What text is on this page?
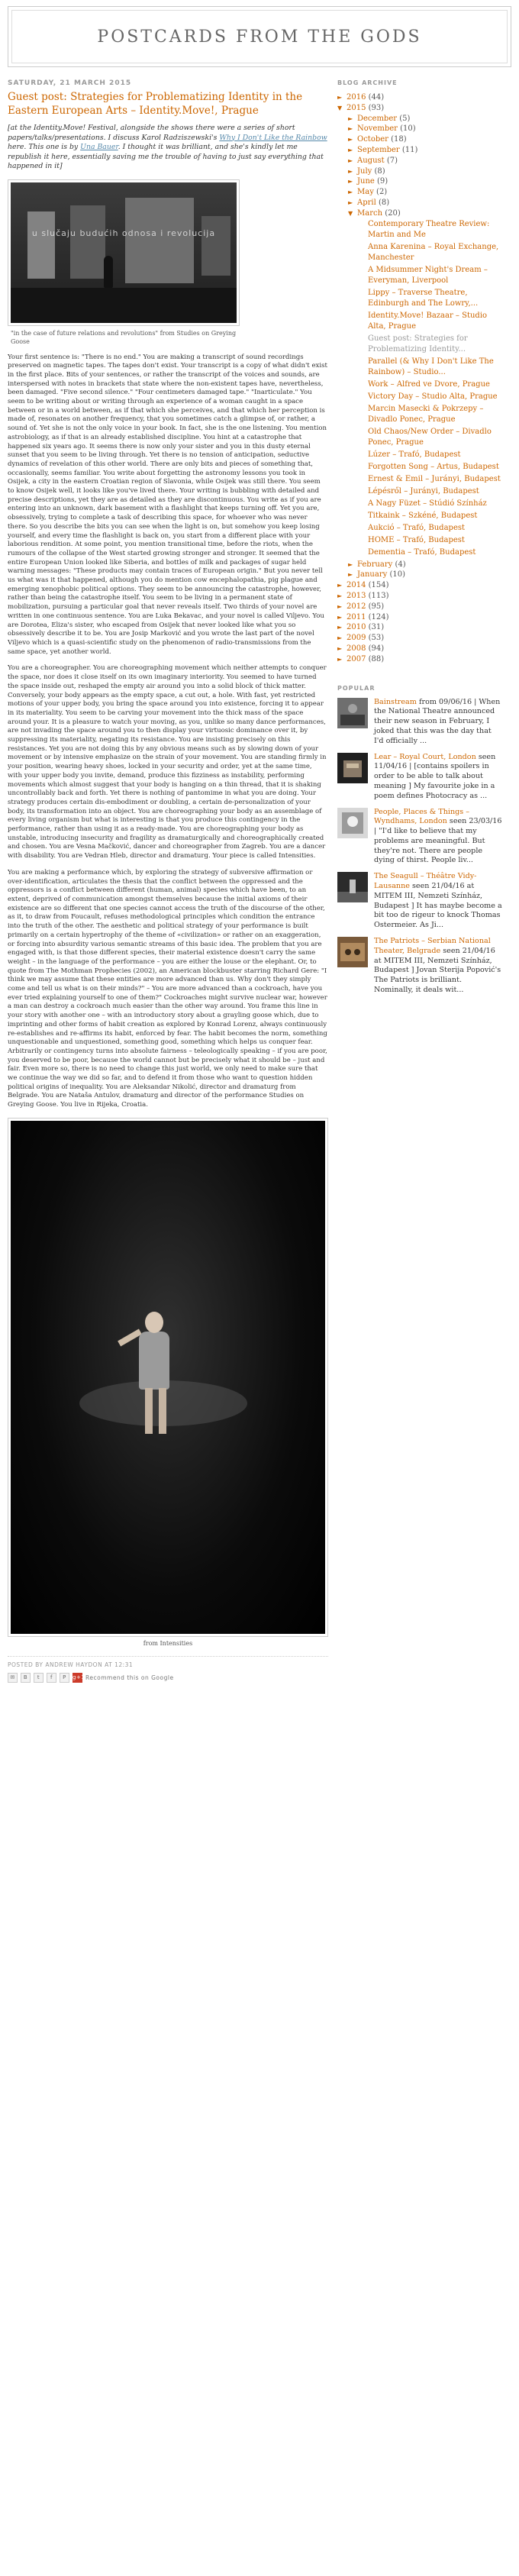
POSTCARDS FROM THE GODS
SATURDAY, 21 MARCH 2015
Guest post: Strategies for Problematizing Identity in the Eastern European Arts – Identity.Move!, Prague

[at the Identity.Move! Festival, alongside the shows there were a series of short papers/talks/presentations. I discuss Karol Radziszewski's Why I Don't Like the Rainbow here. This one is by Una Bauer. I thought it was brilliant, and she's kindly let me republish it here, essentially saving me the trouble of having to just say everything that happened in it]

u slučaju budućih odnosa i revolucija
"in the case of future relations and revolutions" from Studies on Greying Goose

Your first sentence is: "There is no end." You are making a transcript of sound recordings preserved on magnetic tapes. The tapes don't exist. Your transcript is a copy of what didn't exist in the first place. Bits of your sentences, or rather the transcript of the voices and sounds, are interspersed with notes in brackets that state where the non-existent tapes have, nevertheless, been damaged. "Five second silence." "Four centimeters damaged tape." "Inarticulate." You seem to be writing about or writing through an experience of a woman caught in a space between or in a world between, as if that which she perceives, and that which her perception is made of, resonates on another frequency, that you sometimes catch a glimpse of, or rather, a sound of. Yet she is not the only voice in your book. In fact, she is the one listening. You mention astrobiology, as if that is an already established discipline. You hint at a catastrophe that happened six years ago. It seems there is now only your sister and you in this dusty eternal sunset that you seem to be living through. Yet there is no tension of anticipation, seductive dynamics of revelation of this other world. There are only bits and pieces of something that, occasionally, seems familiar. You write about forgetting the astronomy lessons you took in Osijek, a city in the eastern Croatian region of Slavonia, while Osijek was still there. You seem to know Osijek well, it looks like you've lived there. Your writing is bubbling with detailed and precise descriptions, yet they are as detailed as they are discontinuous. You write as if you are entering into an unknown, dark basement with a flashlight that keeps turning off. Yet you are, obsessively, trying to complete a task of describing this space, for whoever who was never there. So you describe the bits you can see when the light is on, but somehow you keep losing yourself, and every time the flashlight is back on, you start from a different place with your laborious rendition. At some point, you mention transitional time, before the riots, when the rumours of the collapse of the West started growing stronger and stronger. It seemed that the entire European Union looked like Siberia, and bottles of milk and packages of sugar held warning messages: "These products may contain traces of European origin." But you never tell us what was it that happened, although you do mention cow encephalopathia, pig plague and emerging xenophobic political options. They seem to be announcing the catastrophe, however, rather than being the catastrophe itself. You seem to be living in a permanent state of mobilization, pursuing a particular goal that never reveals itself. Two thirds of your novel are written in one continuous sentence. You are Luka Bekavac, and your novel is called Viljevo. You are Dorotea, Eliza's sister, who escaped from Osijek that never looked like what you so obsessively describe it to be. You are Josip Marković and you wrote the last part of the novel Viljevo which is a quasi-scientific study on the phenomenon of radio-transmissions from the same space, yet another world.

You are a choreographer. You are choreographing movement which neither attempts to conquer the space, nor does it close itself on its own imaginary interiority. You seemed to have turned the space inside out, reshaped the empty air around you into a solid block of thick matter. Conversely, your body appears as the empty space, a cut out, a hole. With fast, yet restricted motions of your upper body, you bring the space around you into existence, forcing it to appear in its materiality. You seem to be carving your movement into the thick mass of the space around your. It is a pleasure to watch your moving, as you, unlike so many dance performances, are not invading the space around you to then display your virtuosic dominance over it, by suppressing its materiality, negating its resistance. You are insisting precisely on this resistances. Yet you are not doing this by any obvious means such as by slowing down of your movement or by intensive emphasize on the strain of your movement. You are standing firmly in your position, wearing heavy shoes, locked in your security and order, yet at the same time, with your upper body you invite, demand, produce this fizziness as instability, performing movements which almost suggest that your body is hanging on a thin thread, that it is shaking uncontrollably back and forth. Yet there is nothing of pantomime in what you are doing. Your strategy produces certain dis-embodiment or doubling, a certain de-personalization of your body, its transformation into an object. You are choreographing your body as an assemblage of every living organism but what is interesting is that you produce this contingency in the performance, rather than using it as a ready-made. You are choreographing your body as unstable, introducing insecurity and fragility as dramaturgically and choreographically created and chosen. You are Vesna Mačković, dancer and choreographer from Zagreb. You are a dancer with disability. You are Vedran Hleb, director and dramaturg. Your piece is called Intensities.

You are making a performance which, by exploring the strategy of subversive affirmation or over-identification, articulates the thesis that the conflict between the oppressed and the oppressors is a conflict between different (human, animal) species which have been, to an extent, deprived of communication amongst themselves because the initial axioms of their existence are so different that one species cannot access the truth of the discourse of the other, as it, to draw from Foucault, refuses methodological principles which condition the entrance into the truth of the other. The aesthetic and political strategy of your performance is built primarily on a certain hypertrophy of the theme of «civilization» or rather on an exaggeration, or forcing into absurdity various semantic streams of this basic idea. The problem that you are engaged with, is that those different species, their material existence doesn't carry the same weight – in the language of the performance – you are either the louse or the elephant. Or, to quote from The Mothman Prophecies (2002), an American blockbuster starring Richard Gere: "I think we may assume that these entities are more advanced than us. Why don't they simply come and tell us what is on their minds?" – You are more advanced than a cockroach, have you ever tried explaining yourself to one of them?" Cockroaches might survive nuclear war, however a man can destroy a cockroach much easier than the other way around. You frame this line in your story with another one – with an introductory story about a grayling goose which, due to imprinting and other forms of habit creation as explored by Konrad Lorenz, always continuously re-establishes and re-affirms its habit, enforced by fear. The habit becomes the norm, something unquestionable and unquestioned, something good, something which helps us conquer fear. Arbitrarily or contingency turns into absolute fairness – teleologically speaking – if you are poor, you deserved to be poor, because the world cannot but be precisely what it should be – just and fair. Even more so, there is no need to change this just world, we only need to make sure that we continue the way we did so far, and to defend it from those who want to question hidden political origins of inequality. You are Aleksandar Nikolić, director and dramaturg from Belgrade. You are Nataša Antulov, dramaturg and director of the performance Studies on Greying Goose. You live in Rijeka, Croatia.

from Intensities
POSTED BY ANDREW HAYDON AT 12:31
✉	B	t	f	P	g+1 Recommend this on Google
BLOG ARCHIVE
► 2016 (44)
▼ 2015 (93)
► December (5)
► November (10)
► October (18)
► September (11)
► August (7)
► July (8)
► June (9)
► May (2)
► April (8)
▼ March (20)
Contemporary Theatre Review: Martin and Me
Anna Karenina – Royal Exchange, Manchester
A Midsummer Night's Dream – Everyman, Liverpool
Lippy – Traverse Theatre, Edinburgh and The Lowry,...
Identity.Move! Bazaar – Studio Alta, Prague
Guest post: Strategies for Problematizing Identity...
Parallel (& Why I Don't Like The Rainbow) – Studio...
Work – Alfred ve Dvore, Prague
Victory Day – Studio Alta, Prague
Marcin Masecki & Pokrzepy – Divadlo Ponec, Prague
Old Chaos/New Order – Divadlo Ponec, Prague
Lúzer – Trafó, Budapest
Forgotten Song – Artus, Budapest
Ernest & Emil – Jurányi, Budapest
Lépésről – Jurányi, Budapest
A Nagy Füzet – Stúdió Színház
Titkaink – Szkéné, Budapest
Aukció – Trafó, Budapest
HOME – Trafó, Budapest
Dementia – Trafó, Budapest
► February (4)
► January (10)
► 2014 (154)
► 2013 (113)
► 2012 (95)
► 2011 (124)
► 2010 (31)
► 2009 (53)
► 2008 (94)
► 2007 (88)
POPULAR
Bainstream from 09/06/16 | When the National Theatre announced their new season in February, I joked that this was the day that I'd officially ...
Lear – Royal Court, London seen 11/04/16 | [contains spoilers in order to be able to talk about meaning ] My favourite joke in a poem defines Photocracy as ...
People, Places & Things – Wyndhams, London seen 23/03/16 | "I'd like to believe that my problems are meaningful. But they're not. There are people dying of thirst. People liv...
The Seagull – Théâtre Vidy-Lausanne seen 21/04/16 at MITEM III, Nemzeti Színház, Budapest ] It has maybe become a bit too de rigeur to knock Thomas Ostermeier. As Ji...
The Patriots – Serbian National Theater, Belgrade seen 21/04/16 at MITEM III, Nemzeti Színház, Budapest ] Jovan Sterija Popović's The Patriots is brilliant. Nominally, it deals wit...
